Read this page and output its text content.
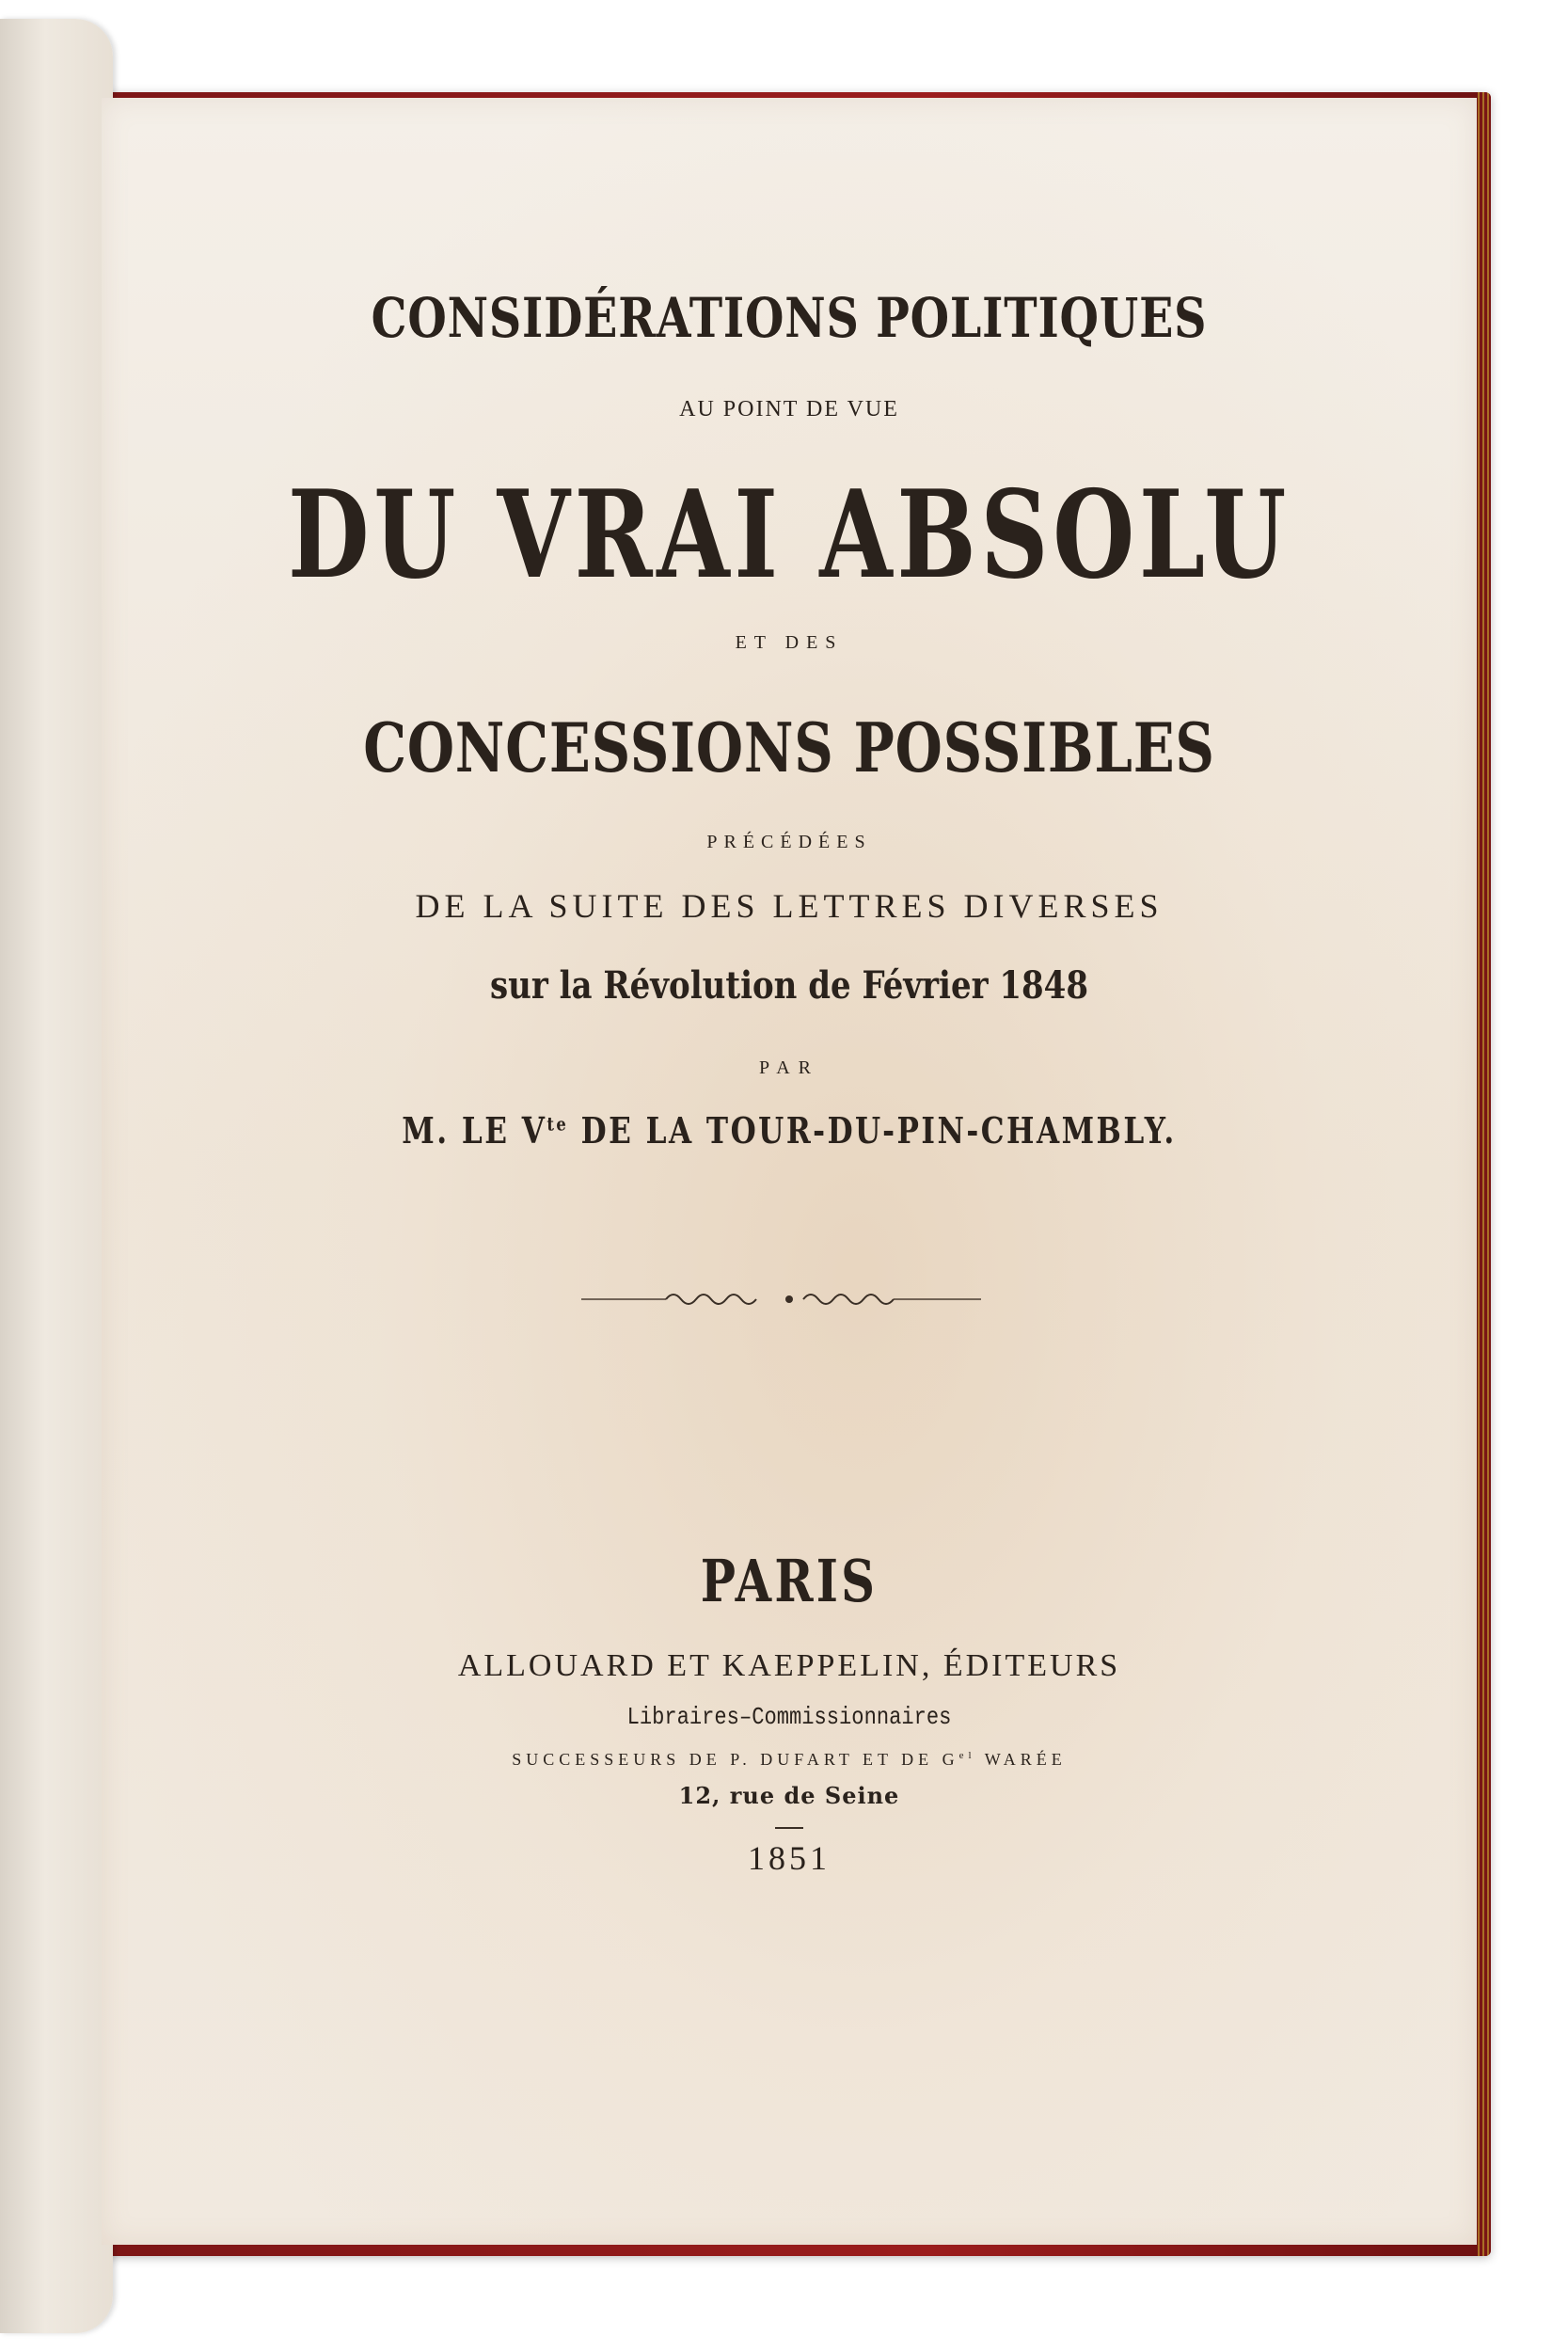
CONSIDÉRATIONS POLITIQUES
AU POINT DE VUE
DU VRAI ABSOLU
ET DES
CONCESSIONS POSSIBLES
PRÉCÉDÉES
DE LA SUITE DES LETTRES DIVERSES
sur la Révolution de Février 1848
PAR
M. LE $V^{te}$ DE LA TOUR-DU-PIN-CHAMBLY.
PARIS
ALLOUARD ET KAEPPELIN, ÉDITEURS
Libraires–Commissionnaires
SUCCESSEURS DE P. DUFART ET DE $G^{el}$ WARÉE
12, rue de Seine
1851
